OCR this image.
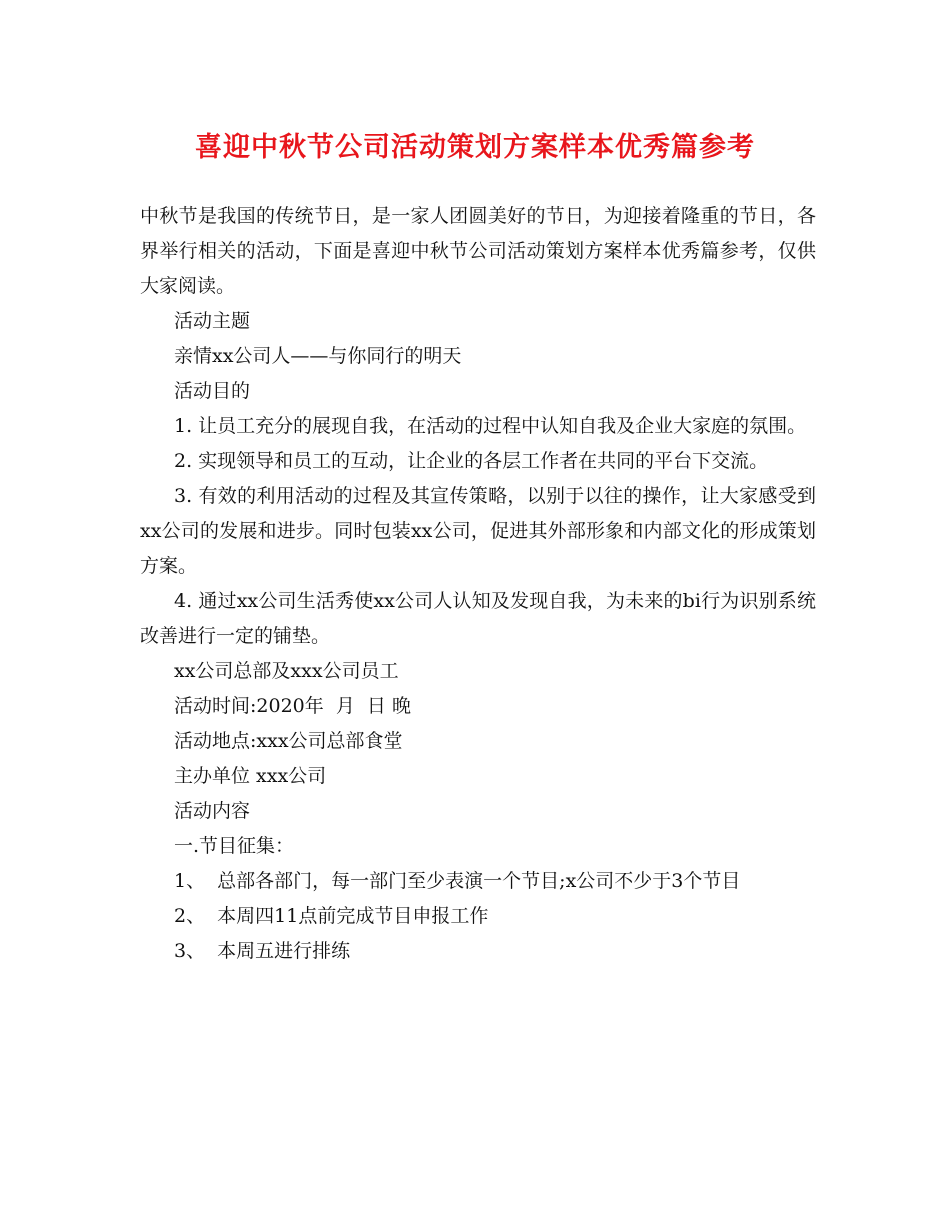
喜迎中秋节公司活动策划方案样本优秀篇参考

中秋节是我国的传统节日，是一家人团圆美好的节日，为迎接着隆重的节日，各界举行相关的活动，下面是喜迎中秋节公司活动策划方案样本优秀篇参考，仅供大家阅读。

活动主题

亲情xx公司人——与你同行的明天

活动目的

1. 让员工充分的展现自我，在活动的过程中认知自我及企业大家庭的氛围。

2. 实现领导和员工的互动，让企业的各层工作者在共同的平台下交流。

3. 有效的利用活动的过程及其宣传策略，以别于以往的操作，让大家感受到xx公司的发展和进步。同时包装xx公司，促进其外部形象和内部文化的形成策划方案。

4. 通过xx公司生活秀使xx公司人认知及发现自我，为未来的bi行为识别系统改善进行一定的铺垫。

xx公司总部及xxx公司员工

活动时间:2020年  月  日 晚

活动地点:xxx公司总部食堂

主办单位 xxx公司

活动内容

一.节目征集：

1、  总部各部门，每一部门至少表演一个节目;x公司不少于3个节目

2、  本周四11点前完成节目申报工作

3、  本周五进行排练
